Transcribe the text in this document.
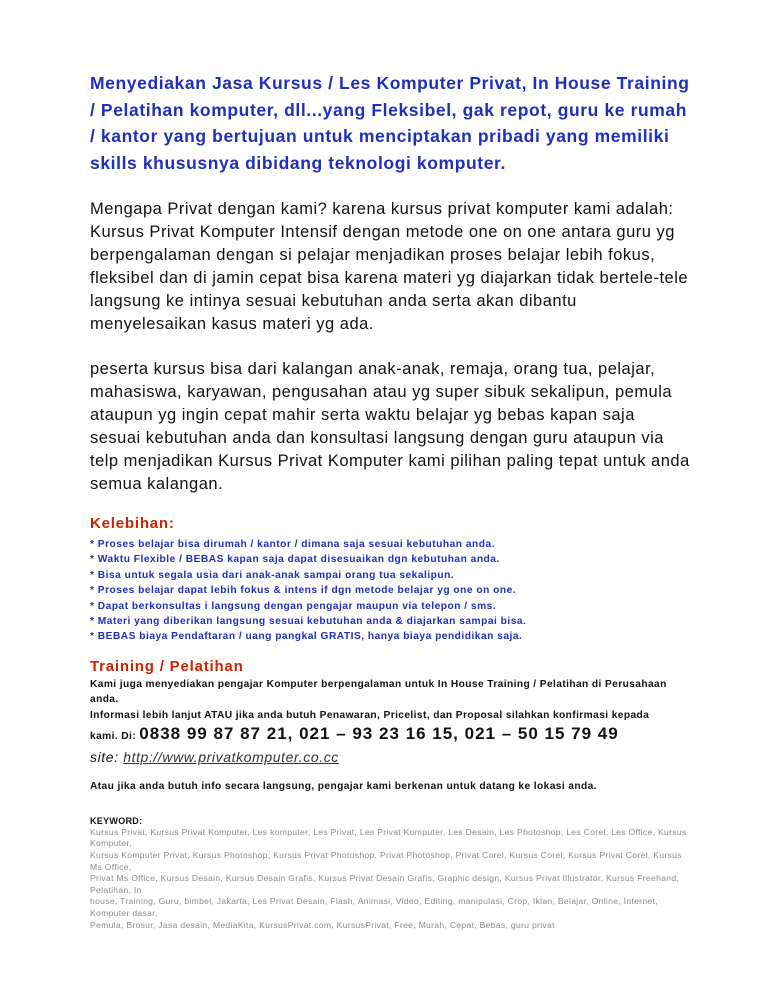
Menyediakan Jasa Kursus / Les Komputer Privat, In House Training / Pelatihan komputer, dll...yang Fleksibel, gak repot, guru ke rumah / kantor yang bertujuan untuk menciptakan pribadi yang memiliki skills khususnya dibidang teknologi komputer.

Mengapa Privat dengan kami? karena kursus privat komputer kami adalah: Kursus Privat Komputer Intensif dengan metode one on one antara guru yg berpengalaman dengan si pelajar menjadikan proses belajar lebih fokus, fleksibel dan di jamin cepat bisa karena materi yg diajarkan tidak bertele-tele langsung ke intinya sesuai kebutuhan anda serta akan dibantu menyelesaikan kasus materi yg ada.

peserta kursus bisa dari kalangan anak-anak, remaja, orang tua, pelajar, mahasiswa, karyawan, pengusahan atau yg super sibuk sekalipun, pemula ataupun yg ingin cepat mahir serta waktu belajar yg bebas kapan saja sesuai kebutuhan anda dan konsultasi langsung dengan guru ataupun via telp menjadikan Kursus Privat Komputer kami pilihan paling tepat untuk anda semua kalangan.

Kelebihan:

* Proses belajar bisa dirumah / kantor / dimana saja sesuai kebutuhan anda.
* Waktu Flexible / BEBAS kapan saja dapat disesuaikan dgn kebutuhan anda.
* Bisa untuk segala usia dari anak-anak sampai orang tua sekalipun.
* Proses belajar dapat lebih fokus & intens if dgn metode belajar yg one on one.
* Dapat berkonsultas i langsung dengan pengajar maupun via telepon / sms.
* Materi yang diberikan langsung sesuai kebutuhan anda & diajarkan sampai bisa.
* BEBAS biaya Pendaftaran / uang pangkal GRATIS, hanya biaya pendidikan saja.

Training / Pelatihan

Kami juga menyediakan pengajar Komputer berpengalaman untuk In House Training / Pelatihan di Perusahaan anda.

Informasi lebih lanjut ATAU jika anda butuh Penawaran, Pricelist, dan Proposal silahkan konfirmasi kepada

kami. Di: 0838 99 87 87 21, 021 – 93 23 16 15, 021 – 50 15 79 49

site: http://www.privatkomputer.co.cc

Atau jika anda butuh info secara langsung, pengajar kami berkenan untuk datang ke lokasi anda.

KEYWORD:

Kursus Privat, Kursus Privat Komputer, Les komputer, Les Privat, Les Privat Komputer, Les Desain, Les Photoshop, Les Corel, Les Office, Kursus
Komputer,
Kursus Komputer Privat, Kursus Photoshop, Kursus Privat Photoshop, Privat Photoshop, Privat Corel, Kursus Corel, Kursus Privat Corel, Kursus
Ms Office,
Privat Ms Office, Kursus Desain, Kursus Desain Grafis, Kursus Privat Desain Grafis, Graphic design, Kursus Privat Illustrator, Kursus Freehand,
Pelatihan, In
house, Training, Guru, bimbel, Jakarta, Les Privat Desain, Flash, Animasi, Video, Editing, manipulasi, Crop, Iklan, Belajar, Online, Internet,
Komputer dasar,
Pemula, Brosur, Jasa desain, MediaKita, KursusPrivat.com, KursusPrivat, Free, Murah, Cepat, Bebas, guru privat
